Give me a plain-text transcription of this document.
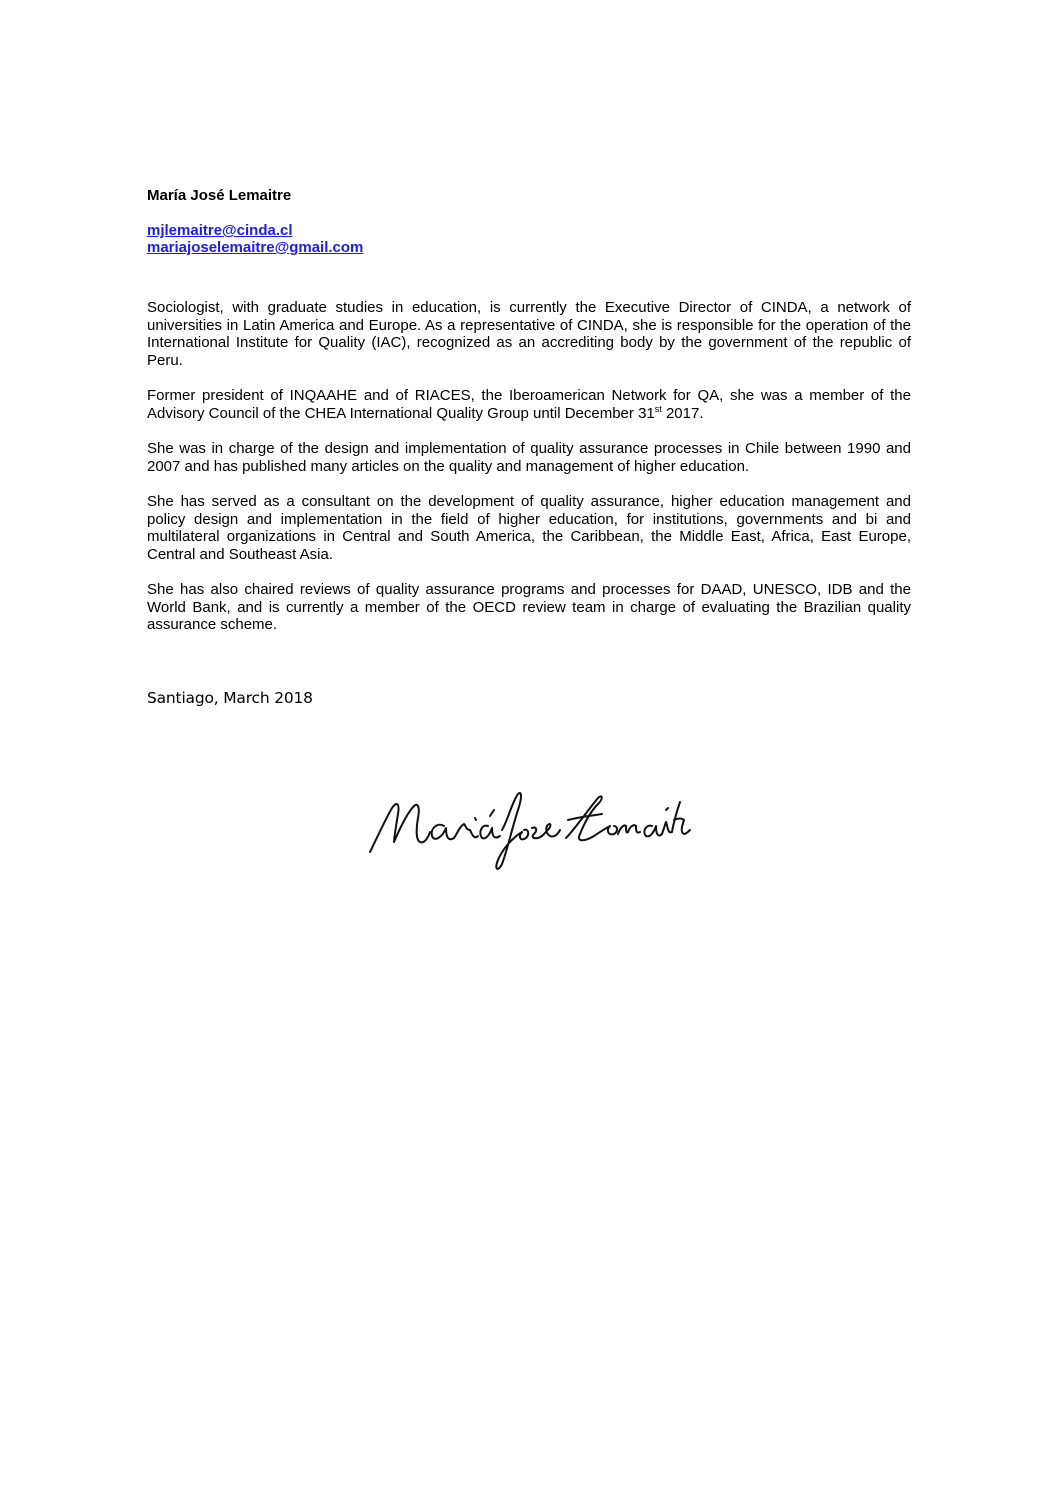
María José Lemaitre

mjlemaitre@cinda.cl
mariajoselemaitre@gmail.com

Sociologist, with graduate studies in education, is currently the Executive Director of CINDA, a network of universities in Latin America and Europe. As a representative of CINDA, she is responsible for the operation of the International Institute for Quality (IAC), recognized as an accrediting body by the government of the republic of Peru.

Former president of INQAAHE and of RIACES, the Iberoamerican Network for QA, she was a member of the Advisory Council of the CHEA International Quality Group until December 31st 2017.

She was in charge of the design and implementation of quality assurance processes in Chile between 1990 and 2007 and has published many articles on the quality and management of higher education.

She has served as a consultant on the development of quality assurance, higher education management and policy design and implementation in the field of higher education, for institutions, governments and bi and multilateral organizations in Central and South America, the Caribbean, the Middle East, Africa, East Europe, Central and Southeast Asia.

She has also chaired reviews of quality assurance programs and processes for DAAD, UNESCO, IDB and the World Bank, and is currently a member of the OECD review team in charge of evaluating the Brazilian quality assurance scheme.

Santiago, March 2018
